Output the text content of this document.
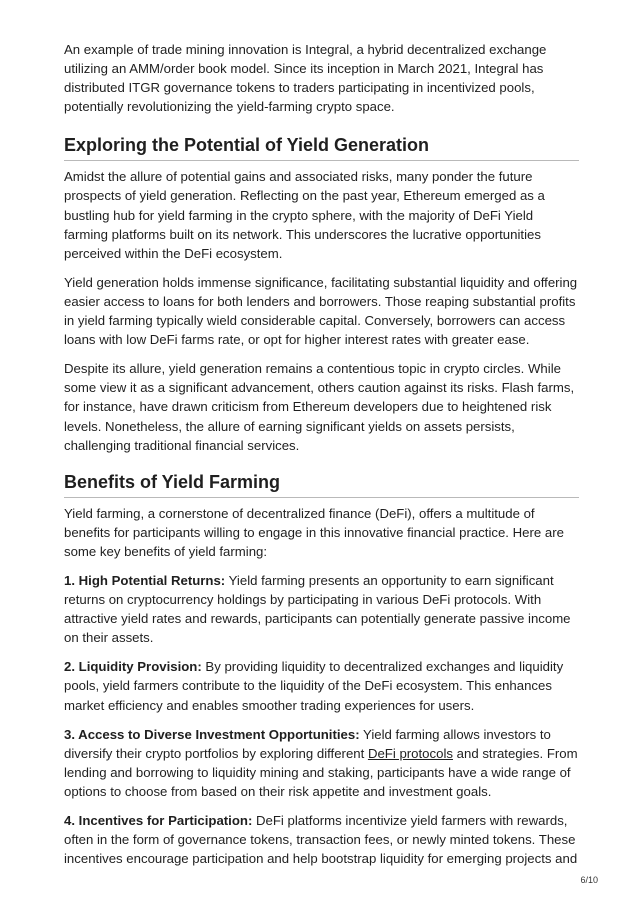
An example of trade mining innovation is Integral, a hybrid decentralized exchange utilizing an AMM/order book model. Since its inception in March 2021, Integral has distributed ITGR governance tokens to traders participating in incentivized pools, potentially revolutionizing the yield-farming crypto space.

Exploring the Potential of Yield Generation

Amidst the allure of potential gains and associated risks, many ponder the future prospects of yield generation. Reflecting on the past year, Ethereum emerged as a bustling hub for yield farming in the crypto sphere, with the majority of DeFi Yield farming platforms built on its network. This underscores the lucrative opportunities perceived within the DeFi ecosystem.

Yield generation holds immense significance, facilitating substantial liquidity and offering easier access to loans for both lenders and borrowers. Those reaping substantial profits in yield farming typically wield considerable capital. Conversely, borrowers can access loans with low DeFi farms rate, or opt for higher interest rates with greater ease.

Despite its allure, yield generation remains a contentious topic in crypto circles. While some view it as a significant advancement, others caution against its risks. Flash farms, for instance, have drawn criticism from Ethereum developers due to heightened risk levels. Nonetheless, the allure of earning significant yields on assets persists, challenging traditional financial services.

Benefits of Yield Farming

Yield farming, a cornerstone of decentralized finance (DeFi), offers a multitude of benefits for participants willing to engage in this innovative financial practice. Here are some key benefits of yield farming:

1. High Potential Returns: Yield farming presents an opportunity to earn significant returns on cryptocurrency holdings by participating in various DeFi protocols. With attractive yield rates and rewards, participants can potentially generate passive income on their assets.

2. Liquidity Provision: By providing liquidity to decentralized exchanges and liquidity pools, yield farmers contribute to the liquidity of the DeFi ecosystem. This enhances market efficiency and enables smoother trading experiences for users.

3. Access to Diverse Investment Opportunities: Yield farming allows investors to diversify their crypto portfolios by exploring different DeFi protocols and strategies. From lending and borrowing to liquidity mining and staking, participants have a wide range of options to choose from based on their risk appetite and investment goals.

4. Incentives for Participation: DeFi platforms incentivize yield farmers with rewards, often in the form of governance tokens, transaction fees, or newly minted tokens. These incentives encourage participation and help bootstrap liquidity for emerging projects and

6/10
